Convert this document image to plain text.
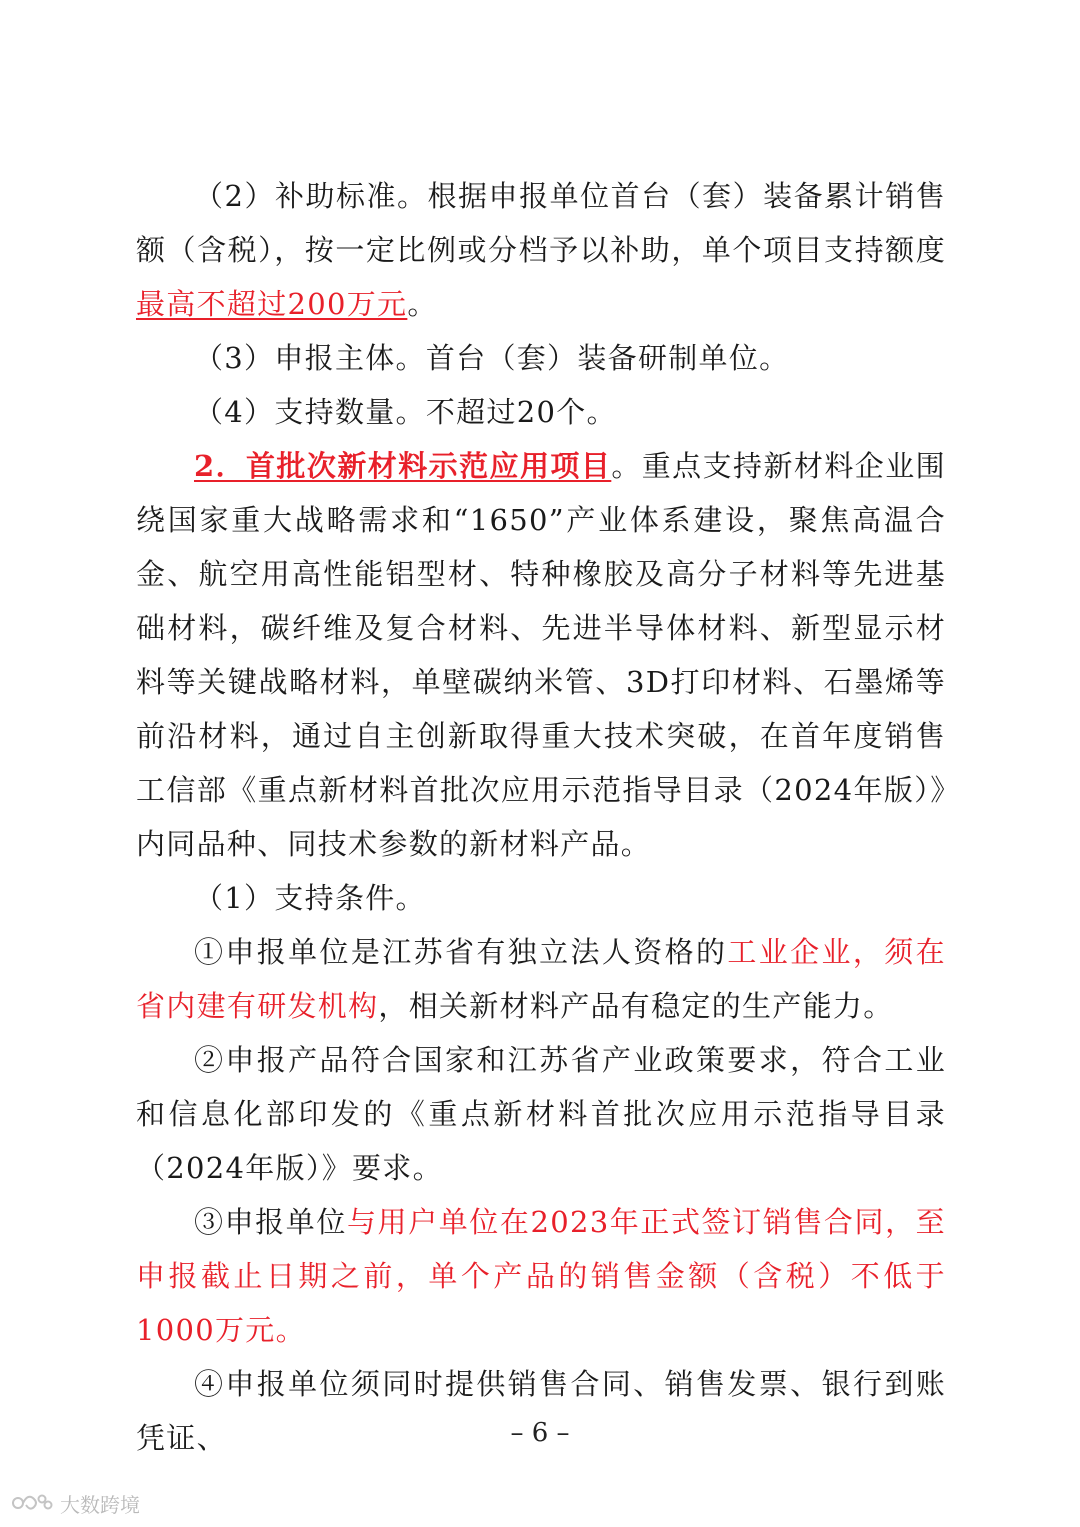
（2）补助标准。根据申报单位首台（套）装备累计销售额（含税），按一定比例或分档予以补助，单个项目支持额度最高不超过200万元。

（3）申报主体。首台（套）装备研制单位。

（4）支持数量。不超过20个。

2．首批次新材料示范应用项目。重点支持新材料企业围绕国家重大战略需求和“1650”产业体系建设，聚焦高温合金、航空用高性能铝型材、特种橡胶及高分子材料等先进基础材料，碳纤维及复合材料、先进半导体材料、新型显示材料等关键战略材料，单壁碳纳米管、3D打印材料、石墨烯等前沿材料，通过自主创新取得重大技术突破，在首年度销售工信部《重点新材料首批次应用示范指导目录（2024年版）》内同品种、同技术参数的新材料产品。

（1）支持条件。

①申报单位是江苏省有独立法人资格的工业企业，须在省内建有研发机构，相关新材料产品有稳定的生产能力。

②申报产品符合国家和江苏省产业政策要求，符合工业和信息化部印发的《重点新材料首批次应用示范指导目录（2024年版）》要求。

③申报单位与用户单位在2023年正式签订销售合同，至申报截止日期之前，单个产品的销售金额（含税）不低于1000万元。

④申报单位须同时提供销售合同、销售发票、银行到账凭证、	– 6 –
大数跨境
